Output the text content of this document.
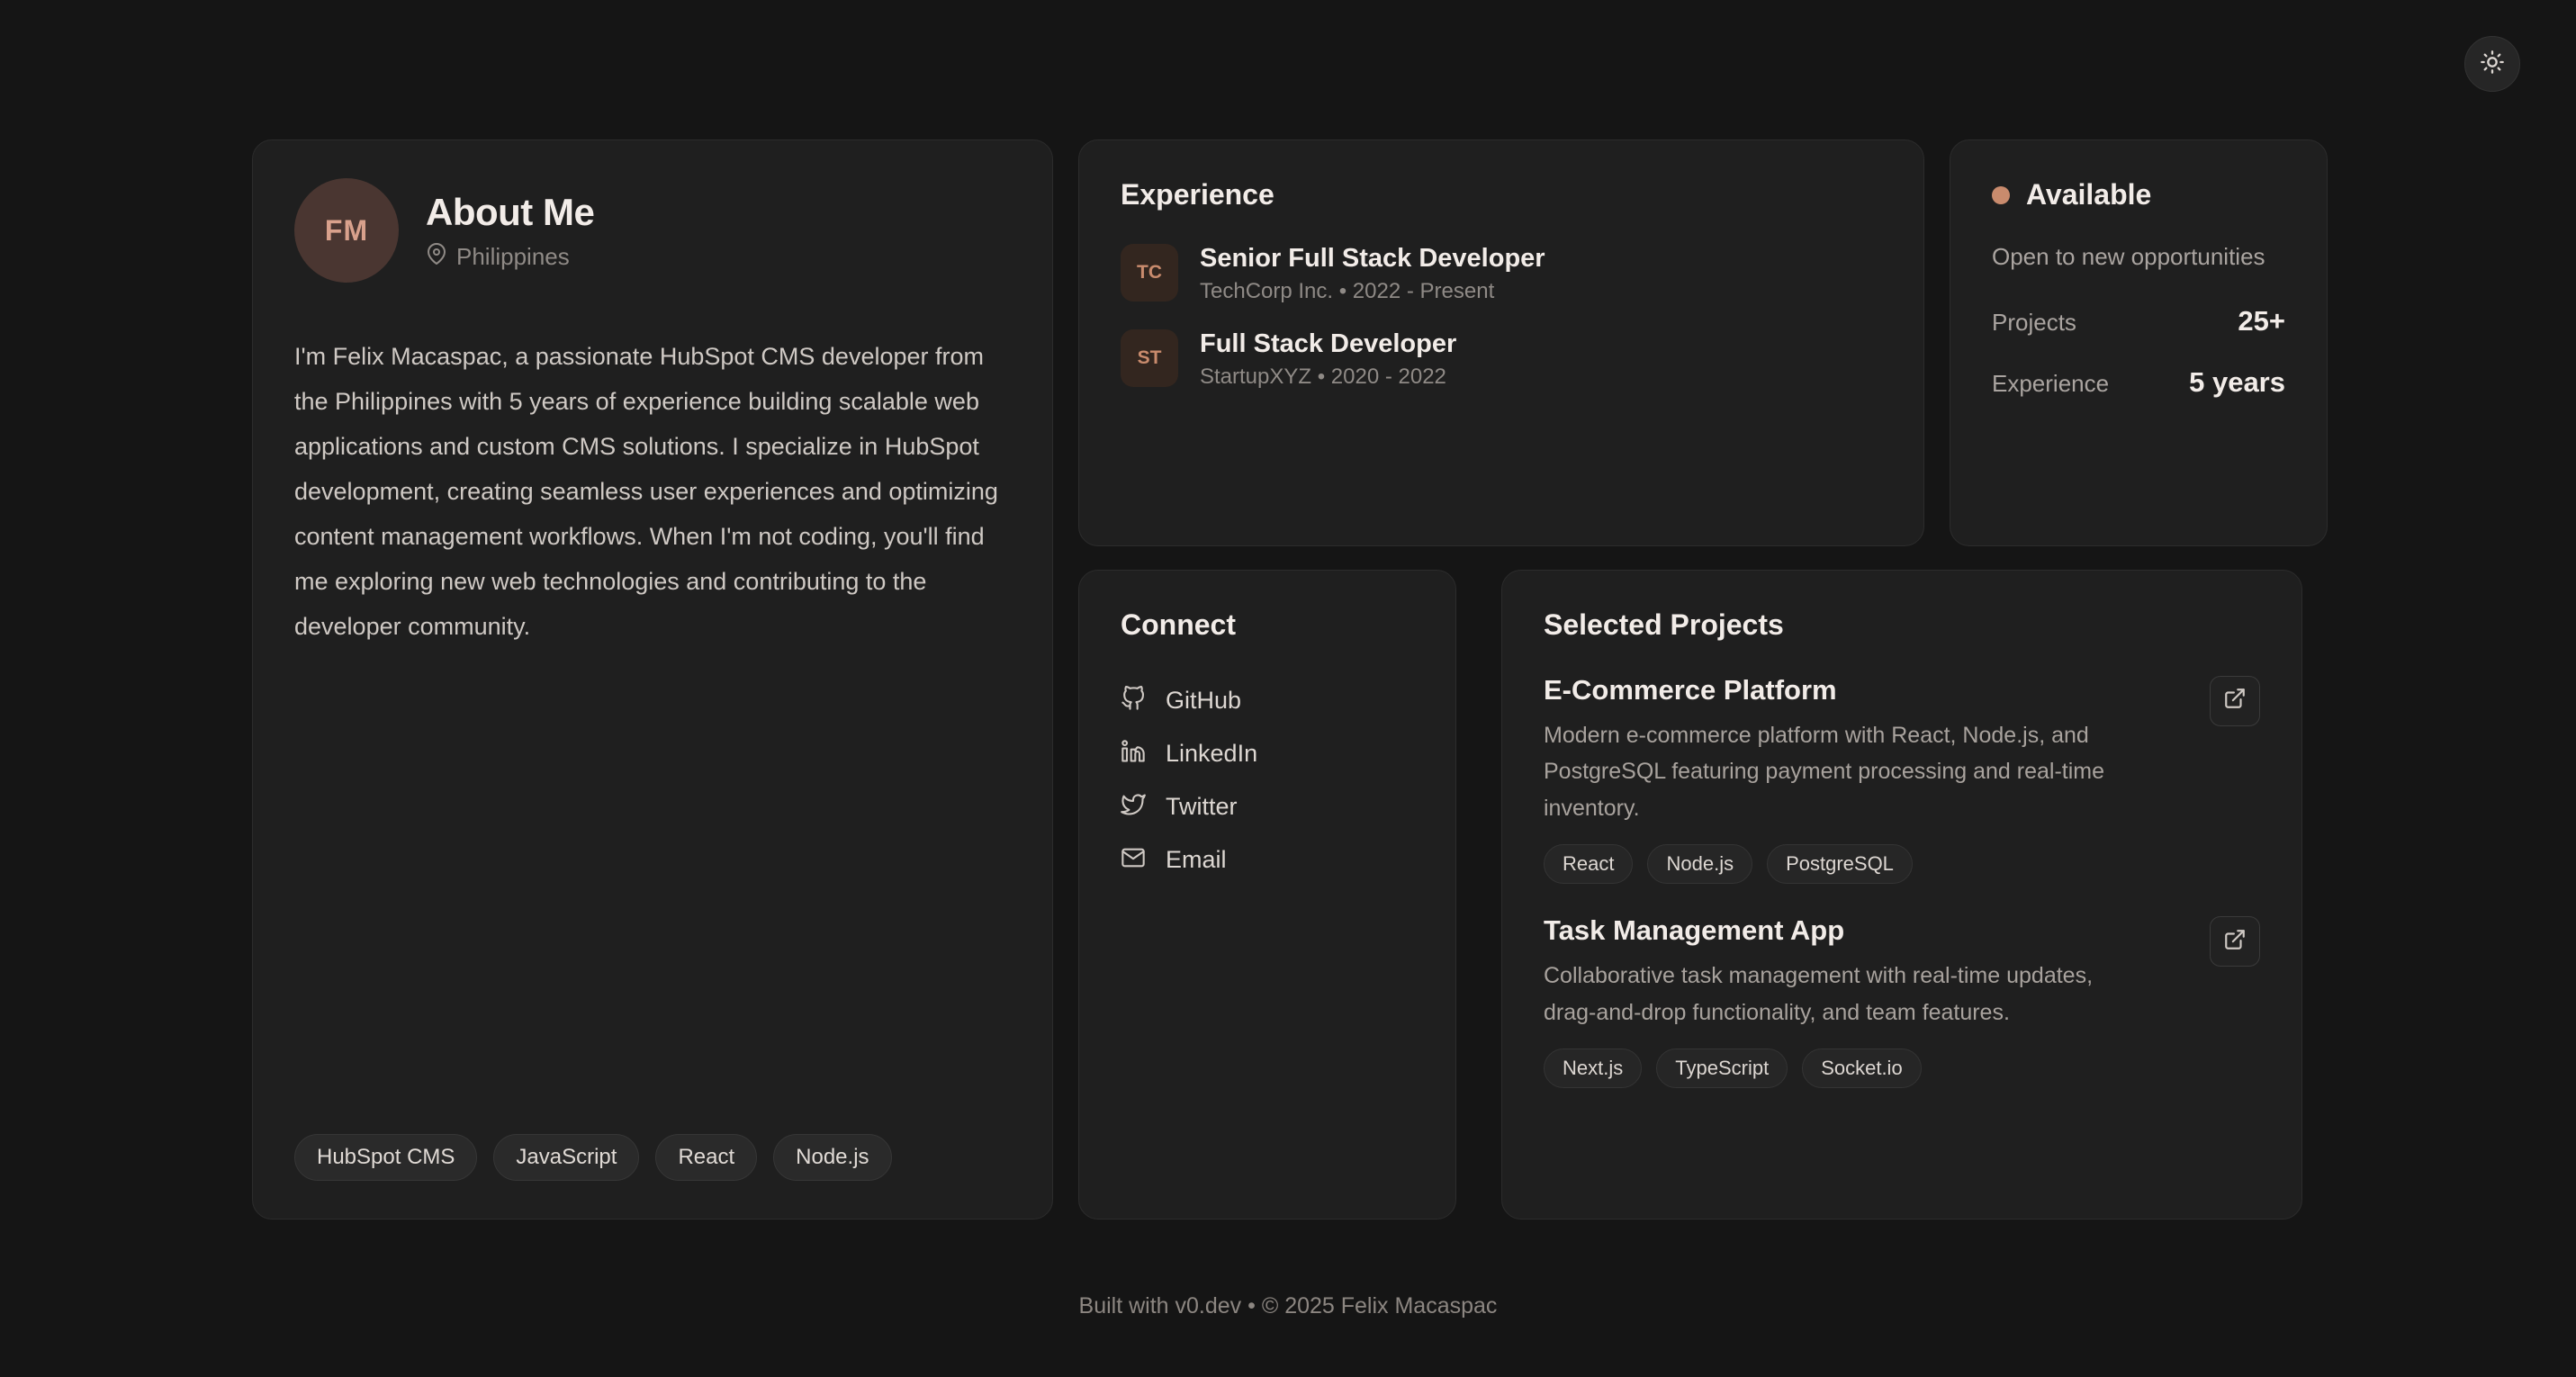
FM	About Me
Philippines

I'm Felix Macaspac, a passionate HubSpot CMS developer from the Philippines with 5 years of experience building scalable web applications and custom CMS solutions. I specialize in HubSpot development, creating seamless user experiences and optimizing content management workflows. When I'm not coding, you'll find me exploring new web technologies and contributing to the developer community.

HubSpot CMS	JavaScript	React	Node.js
Experience
TC	Senior Full Stack Developer
TechCorp Inc. • 2022 - Present
ST	Full Stack Developer
StartupXYZ • 2020 - 2022
Available
Open to new opportunities
Projects	25+
Experience	5 years
Connect
GitHub
LinkedIn
Twitter
Email
Selected Projects
E-Commerce Platform
Modern e-commerce platform with React, Node.js, and PostgreSQL featuring payment processing and real-time inventory.
React	Node.js	PostgreSQL
Task Management App
Collaborative task management with real-time updates, drag-and-drop functionality, and team features.
Next.js	TypeScript	Socket.io
Built with v0.dev • © 2025 Felix Macaspac
